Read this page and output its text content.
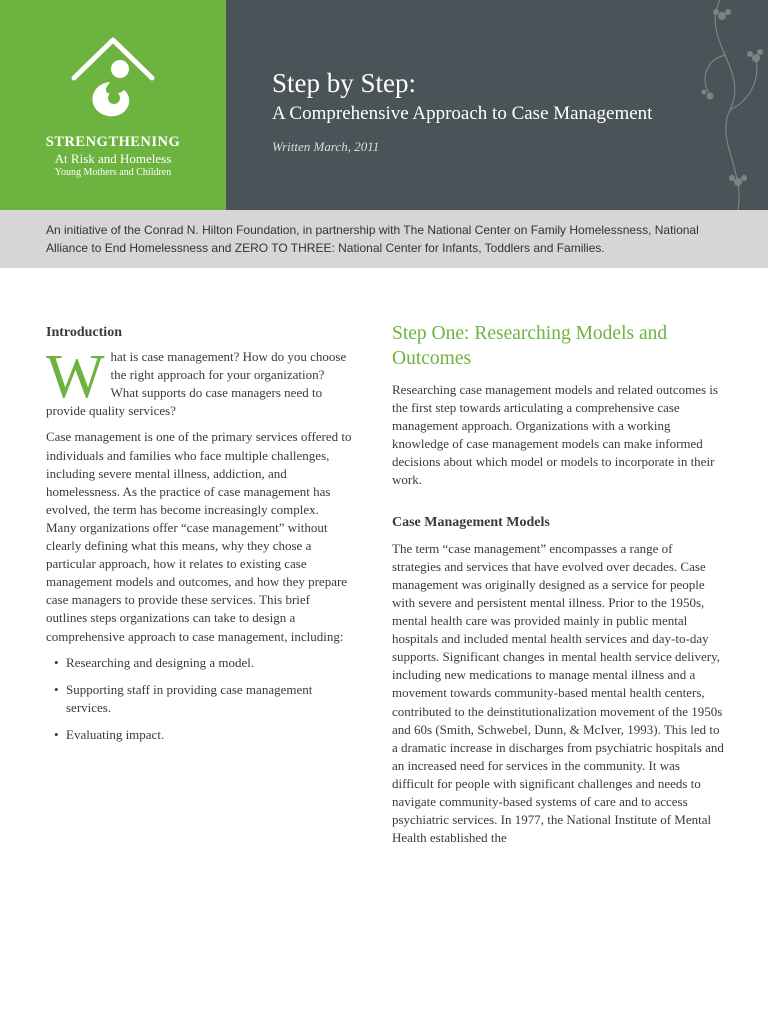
STRENGTHENING
At Risk and Homeless
Young Mothers and Children
Step by Step:
A Comprehensive Approach to Case Management
Written March, 2011

An initiative of the Conrad N. Hilton Foundation, in partnership with The National Center on Family Homelessness, National Alliance to End Homelessness and ZERO TO THREE: National Center for Infants, Toddlers and Families.

Introduction

What is case management? How do you choose the right approach for your organization? What supports do case managers need to provide quality services?

Case management is one of the primary services offered to individuals and families who face multiple challenges, including severe mental illness, addiction, and homelessness. As the practice of case management has evolved, the term has become increasingly complex. Many organizations offer “case management” without clearly defining what this means, why they chose a particular approach, how it relates to existing case management models and outcomes, and how they prepare case managers to provide these services. This brief outlines steps organizations can take to design a comprehensive approach to case management, including:

• Researching and designing a model.
• Supporting staff in providing case management services.
• Evaluating impact.
Step One: Researching Models and Outcomes

Researching case management models and related outcomes is the first step towards articulating a comprehensive case management approach. Organizations with a working knowledge of case management models can make informed decisions about which model or models to incorporate in their work.

Case Management Models

The term “case management” encompasses a range of strategies and services that have evolved over decades. Case management was originally designed as a service for people with severe and persistent mental illness. Prior to the 1950s, mental health care was provided mainly in public mental hospitals and included mental health services and day-to-day supports. Significant changes in mental health service delivery, including new medications to manage mental illness and a movement towards community-based mental health centers, contributed to the deinstitutionalization movement of the 1950s and 60s (Smith, Schwebel, Dunn, & McIver, 1993). This led to a dramatic increase in discharges from psychiatric hospitals and an increased need for services in the community. It was difficult for people with significant challenges and needs to navigate community-based systems of care and to access psychiatric services. In 1977, the National Institute of Mental Health established the
